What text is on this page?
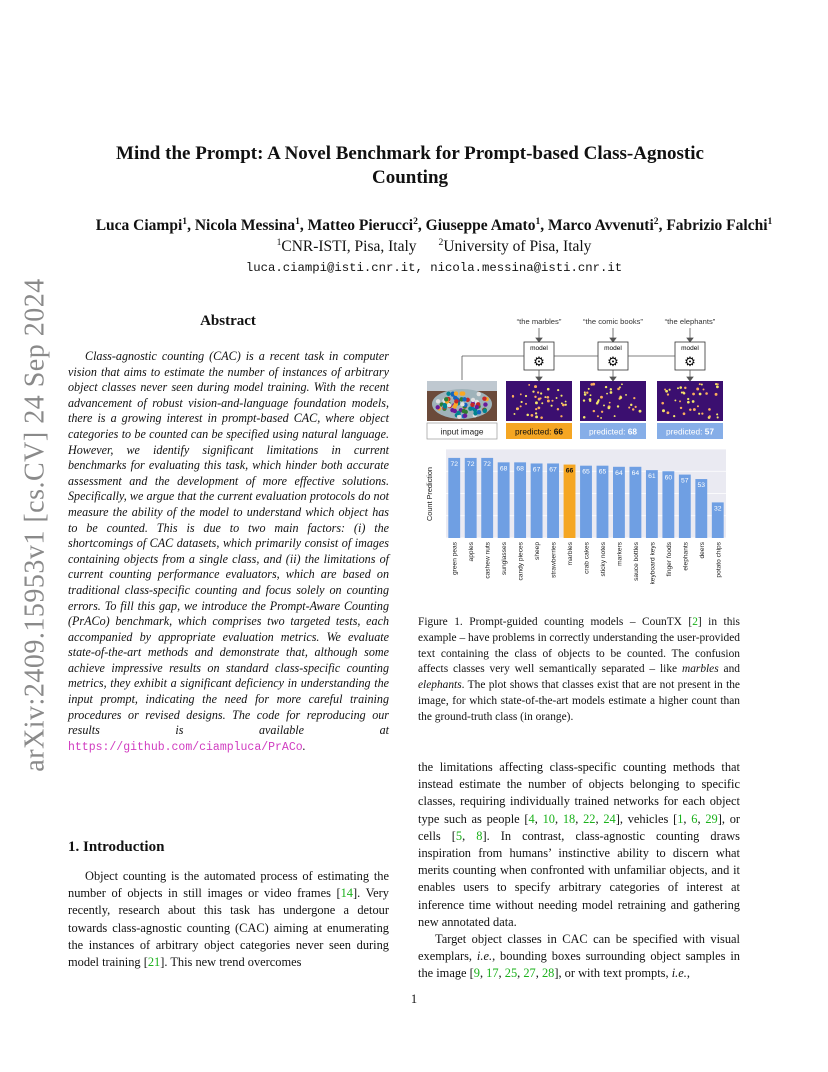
arXiv:2409.15953v1 [cs.CV] 24 Sep 2024
Mind the Prompt: A Novel Benchmark for Prompt-based Class-Agnostic Counting
Luca Ciampi$^1$, Nicola Messina$^1$, Matteo Pierucci$^2$, Giuseppe Amato$^1$, Marco Avvenuti$^2$, Fabrizio Falchi$^1$
$^1$CNR-ISTI, Pisa, Italy $^2$University of Pisa, Italy
luca.ciampi@isti.cnr.it, nicola.messina@isti.cnr.it
Abstract
Class-agnostic counting (CAC) is a recent task in computer vision that aims to estimate the number of instances of arbitrary object classes never seen during model training. With the recent advancement of robust vision-and-language foundation models, there is a growing interest in prompt-based CAC, where object categories to be counted can be specified using natural language. However, we identify significant limitations in current benchmarks for evaluating this task, which hinder both accurate assessment and the development of more effective solutions. Specifically, we argue that the current evaluation protocols do not measure the ability of the model to understand which object has to be counted. This is due to two main factors: (i) the shortcomings of CAC datasets, which primarily consist of images containing objects from a single class, and (ii) the limitations of current counting performance evaluators, which are based on traditional class-specific counting and focus solely on counting errors. To fill this gap, we introduce the Prompt-Aware Counting (PrACo) benchmark, which comprises two targeted tests, each accompanied by appropriate evaluation metrics. We evaluate state-of-the-art methods and demonstrate that, although some achieve impressive results on standard class-specific counting metrics, they exhibit a significant deficiency in understanding the input prompt, indicating the need for more careful training procedures or revised designs. The code for reproducing our results is available at https://github.com/ciampluca/PrACo.
1. Introduction
Object counting is the automated process of estimating the number of objects in still images or video frames [14]. Very recently, research about this task has undergone a detour towards class-agnostic counting (CAC) aiming at enumerating the instances of arbitrary object categories never seen during model training [21]. This new trend overcomes
“the marbles”	“the comic books”	“the elephants”
model
⚙
model
⚙
model
⚙
input image	predicted: 66	predicted: 68	predicted: 57
Count Prediction
72 72 72
68 68 67 67 66 65 65 64 64 61 60 57
53
32
green peas apples cashew nuts sunglasses candy pieces sheep strawberries marbles crab cakes sticky notes markers sauce bottles keyboard keys finger foods elephants deers potato chips
Figure 1. Prompt-guided counting models – CounTX [2] in this example – have problems in correctly understanding the user-provided text containing the class of objects to be counted. The confusion affects classes very well semantically separated – like marbles and elephants. The plot shows that classes exist that are not present in the image, for which state-of-the-art models estimate a higher count than the ground-truth class (in orange).

the limitations affecting class-specific counting methods that instead estimate the number of objects belonging to specific classes, requiring individually trained networks for each object type such as people [4, 10, 18, 22, 24], vehicles [1, 6, 29], or cells [5, 8]. In contrast, class-agnostic counting draws inspiration from humans’ instinctive ability to discern what merits counting when confronted with unfamiliar objects, and it enables users to specify arbitrary categories of interest at inference time without needing model retraining and gathering new annotated data.

Target object classes in CAC can be specified with visual exemplars, i.e., bounding boxes surrounding object samples in the image [9, 17, 25, 27, 28], or with text prompts, i.e.,

1
